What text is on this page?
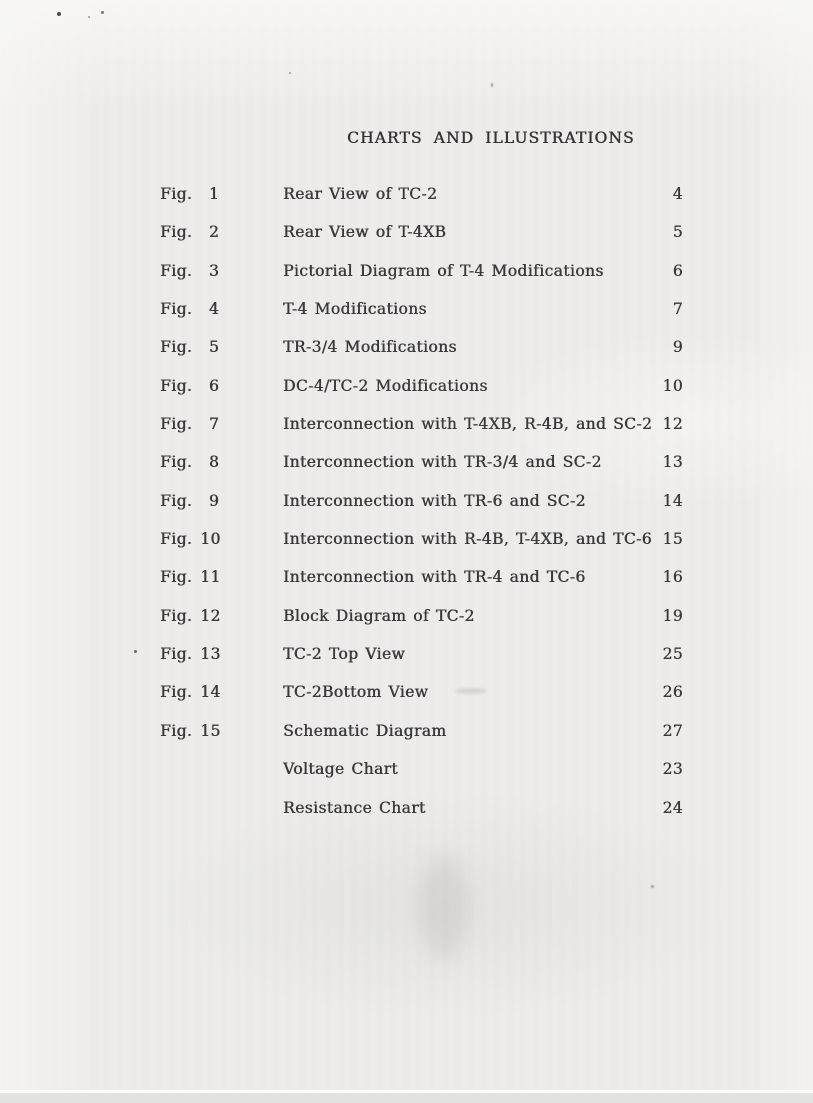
CHARTS AND ILLUSTRATIONS
Fig.	1	Rear View of TC-2	4
Fig.	2	Rear View of T-4XB	5
Fig.	3	Pictorial Diagram of T-4 Modifications	6
Fig.	4	T-4 Modifications	7
Fig.	5	TR-3/4 Modifications	9
Fig.	6	DC-4/TC-2 Modifications	10
Fig.	7	Interconnection with T-4XB, R-4B, and SC-2 12
Fig.	8	Interconnection with TR-3/4 and SC-2	13
Fig.	9	Interconnection with TR-6 and SC-2	14
Fig. 10	Interconnection with R-4B, T-4XB, and TC-6 15
Fig. 11	Interconnection with TR-4 and TC-6	16
Fig. 12	Block Diagram of TC-2	19
Fig. 13	TC-2 Top View	25
Fig. 14	TC-2Bottom View	26
Fig. 15	Schematic Diagram	27
Voltage Chart	23
Resistance Chart	24
